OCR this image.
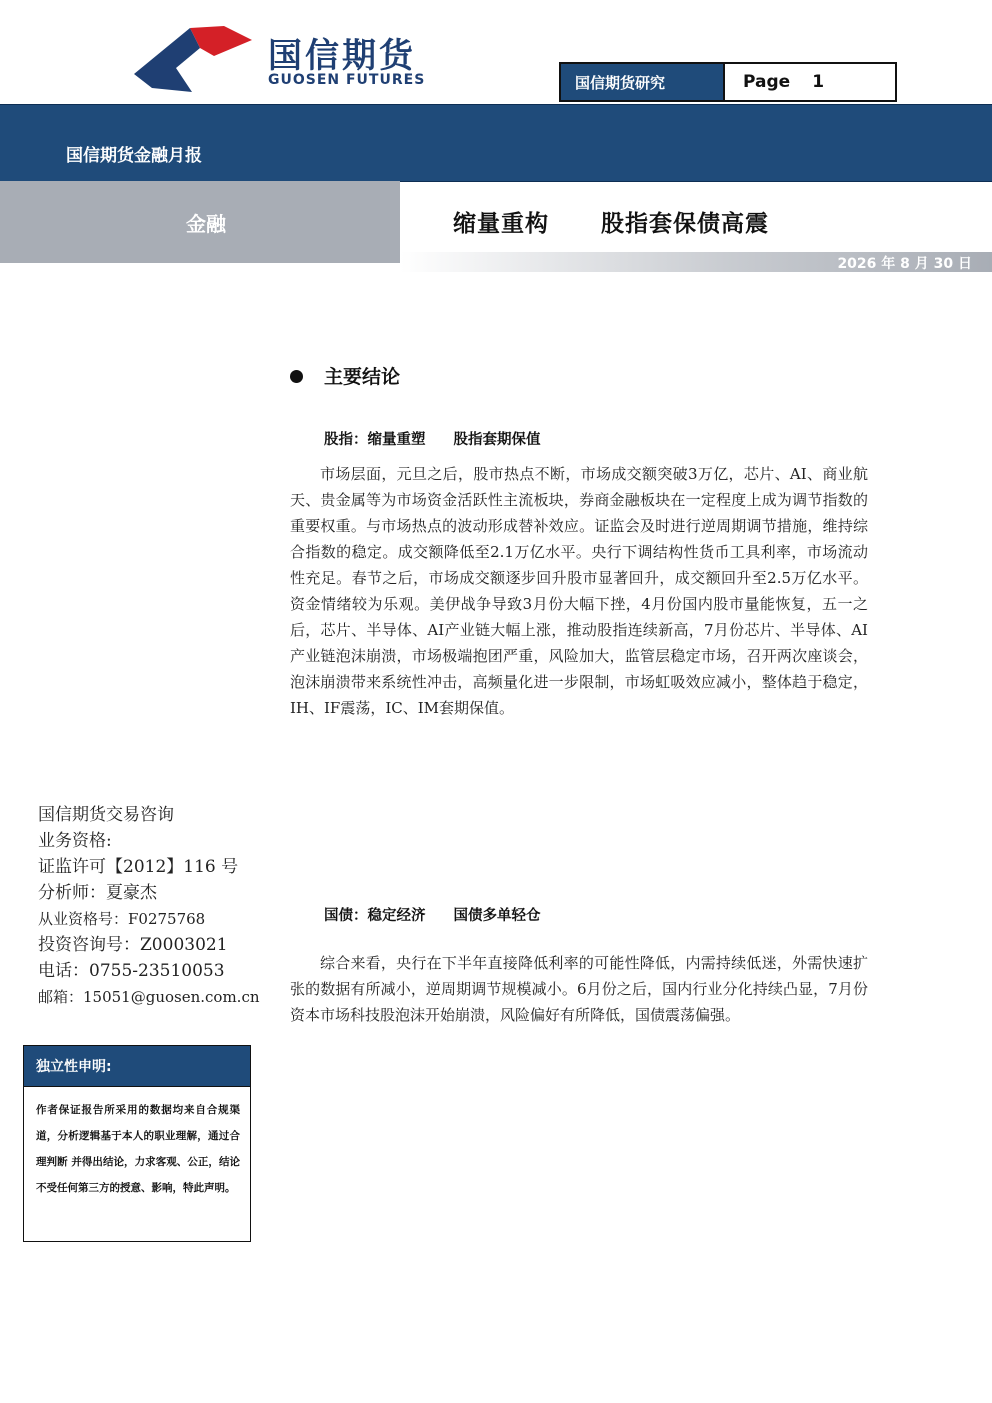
国信期货
GUOSEN FUTURES	国信期货研究	Page 1
国信期货金融月报
金融	缩量重构 股指套保债高震
2026 年 8 月 30 日
主要结论
股指：缩量重塑 股指套期保值

市场层面，元旦之后，股市热点不断，市场成交额突破3万亿，芯片、AI、商业航天、贵金属等为市场资金活跃性主流板块，券商金融板块在一定程度上成为调节指数的重要权重。与市场热点的波动形成替补效应。证监会及时进行逆周期调节措施，维持综合指数的稳定。成交额降低至2.1万亿水平。央行下调结构性货币工具利率，市场流动性充足。春节之后，市场成交额逐步回升股市显著回升，成交额回升至2.5万亿水平。资金情绪较为乐观。美伊战争导致3月份大幅下挫，4月份国内股市量能恢复，五一之后，芯片、半导体、AI产业链大幅上涨，推动股指连续新高，7月份芯片、半导体、AI产业链泡沫崩溃，市场极端抱团严重，风险加大，监管层稳定市场，召开两次座谈会，泡沫崩溃带来系统性冲击，高频量化进一步限制，市场虹吸效应减小，整体趋于稳定，IH、IF震荡，IC、IM套期保值。

国债：稳定经济 国债多单轻仓

综合来看，央行在下半年直接降低利率的可能性降低，内需持续低迷，外需快速扩张的数据有所减小，逆周期调节规模减小。6月份之后，国内行业分化持续凸显，7月份资本市场科技股泡沫开始崩溃，风险偏好有所降低，国债震荡偏强。

国信期货交易咨询
业务资格:
证监许可【2012】116 号
分析师：夏豪杰
从业资格号：F0275768
投资咨询号：Z0003021
电话：0755-23510053
邮箱：15051@guosen.com.cn
独立性申明:
作者保证报告所采用的数据均来自合规渠道，分析逻辑基于本人的职业理解，通过合理判断 并得出结论，力求客观、公正，结论不受任何第三方的授意、影响，特此声明。
